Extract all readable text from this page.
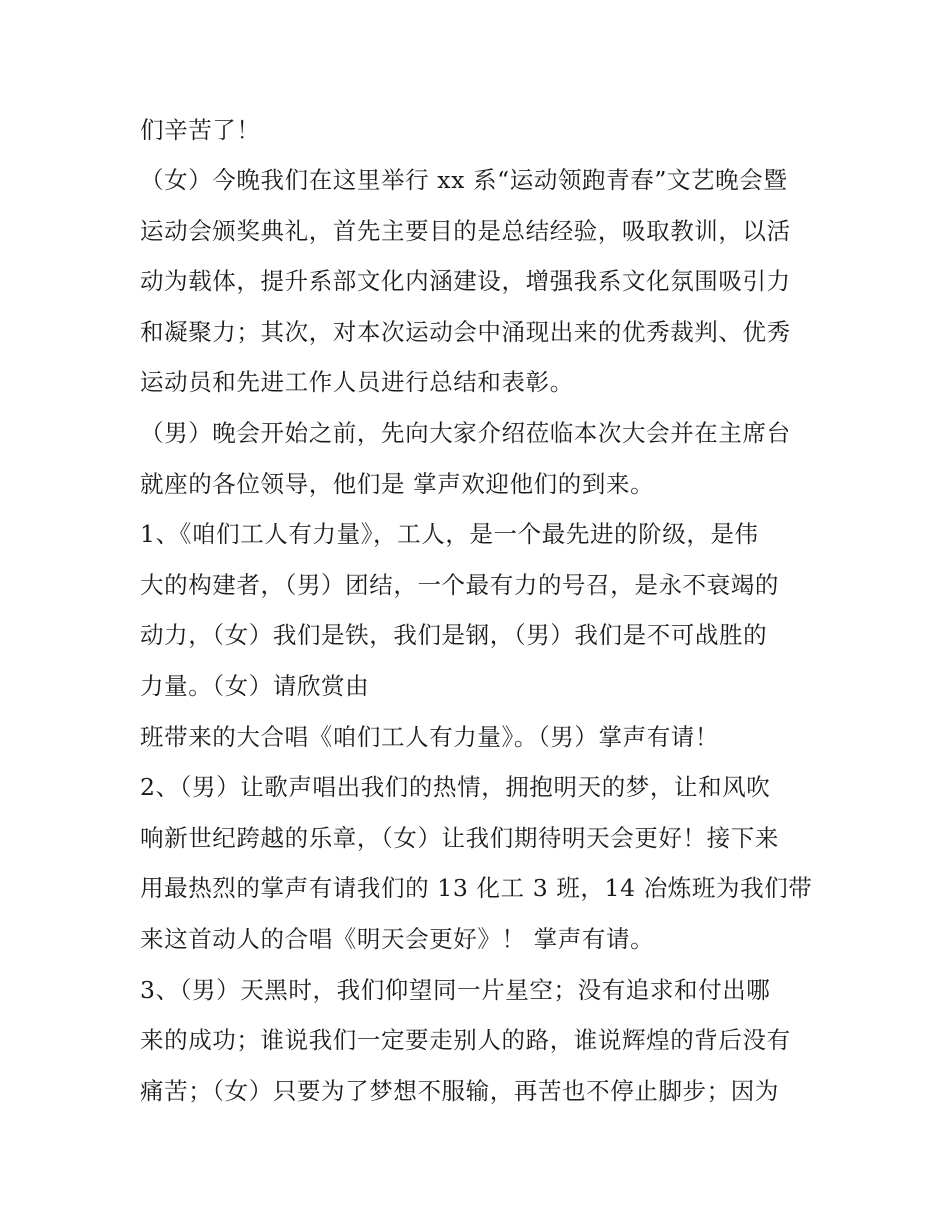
们辛苦了！
（女）今晚我们在这里举行 xx 系“运动领跑青春”文艺晚会暨
运动会颁奖典礼，首先主要目的是总结经验，吸取教训，以活
动为载体，提升系部文化内涵建设，增强我系文化氛围吸引力
和凝聚力；其次，对本次运动会中涌现出来的优秀裁判、优秀
运动员和先进工作人员进行总结和表彰。
（男）晚会开始之前，先向大家介绍莅临本次大会并在主席台
就座的各位领导，他们是 掌声欢迎他们的到来。
1、《咱们工人有力量》，工人，是一个最先进的阶级，是伟
大的构建者，（男）团结，一个最有力的号召，是永不衰竭的
动力，（女）我们是铁，我们是钢，（男）我们是不可战胜的
力量。（女）请欣赏由
班带来的大合唱《咱们工人有力量》。（男）掌声有请！
2、（男）让歌声唱出我们的热情，拥抱明天的梦，让和风吹
响新世纪跨越的乐章，（女）让我们期待明天会更好！接下来
用最热烈的掌声有请我们的 13 化工 3 班，14 冶炼班为我们带
来这首动人的合唱《明天会更好》！ 掌声有请。
3、（男）天黑时，我们仰望同一片星空；没有追求和付出哪
来的成功；谁说我们一定要走别人的路，谁说辉煌的背后没有
痛苦；（女）只要为了梦想不服输，再苦也不停止脚步；因为
